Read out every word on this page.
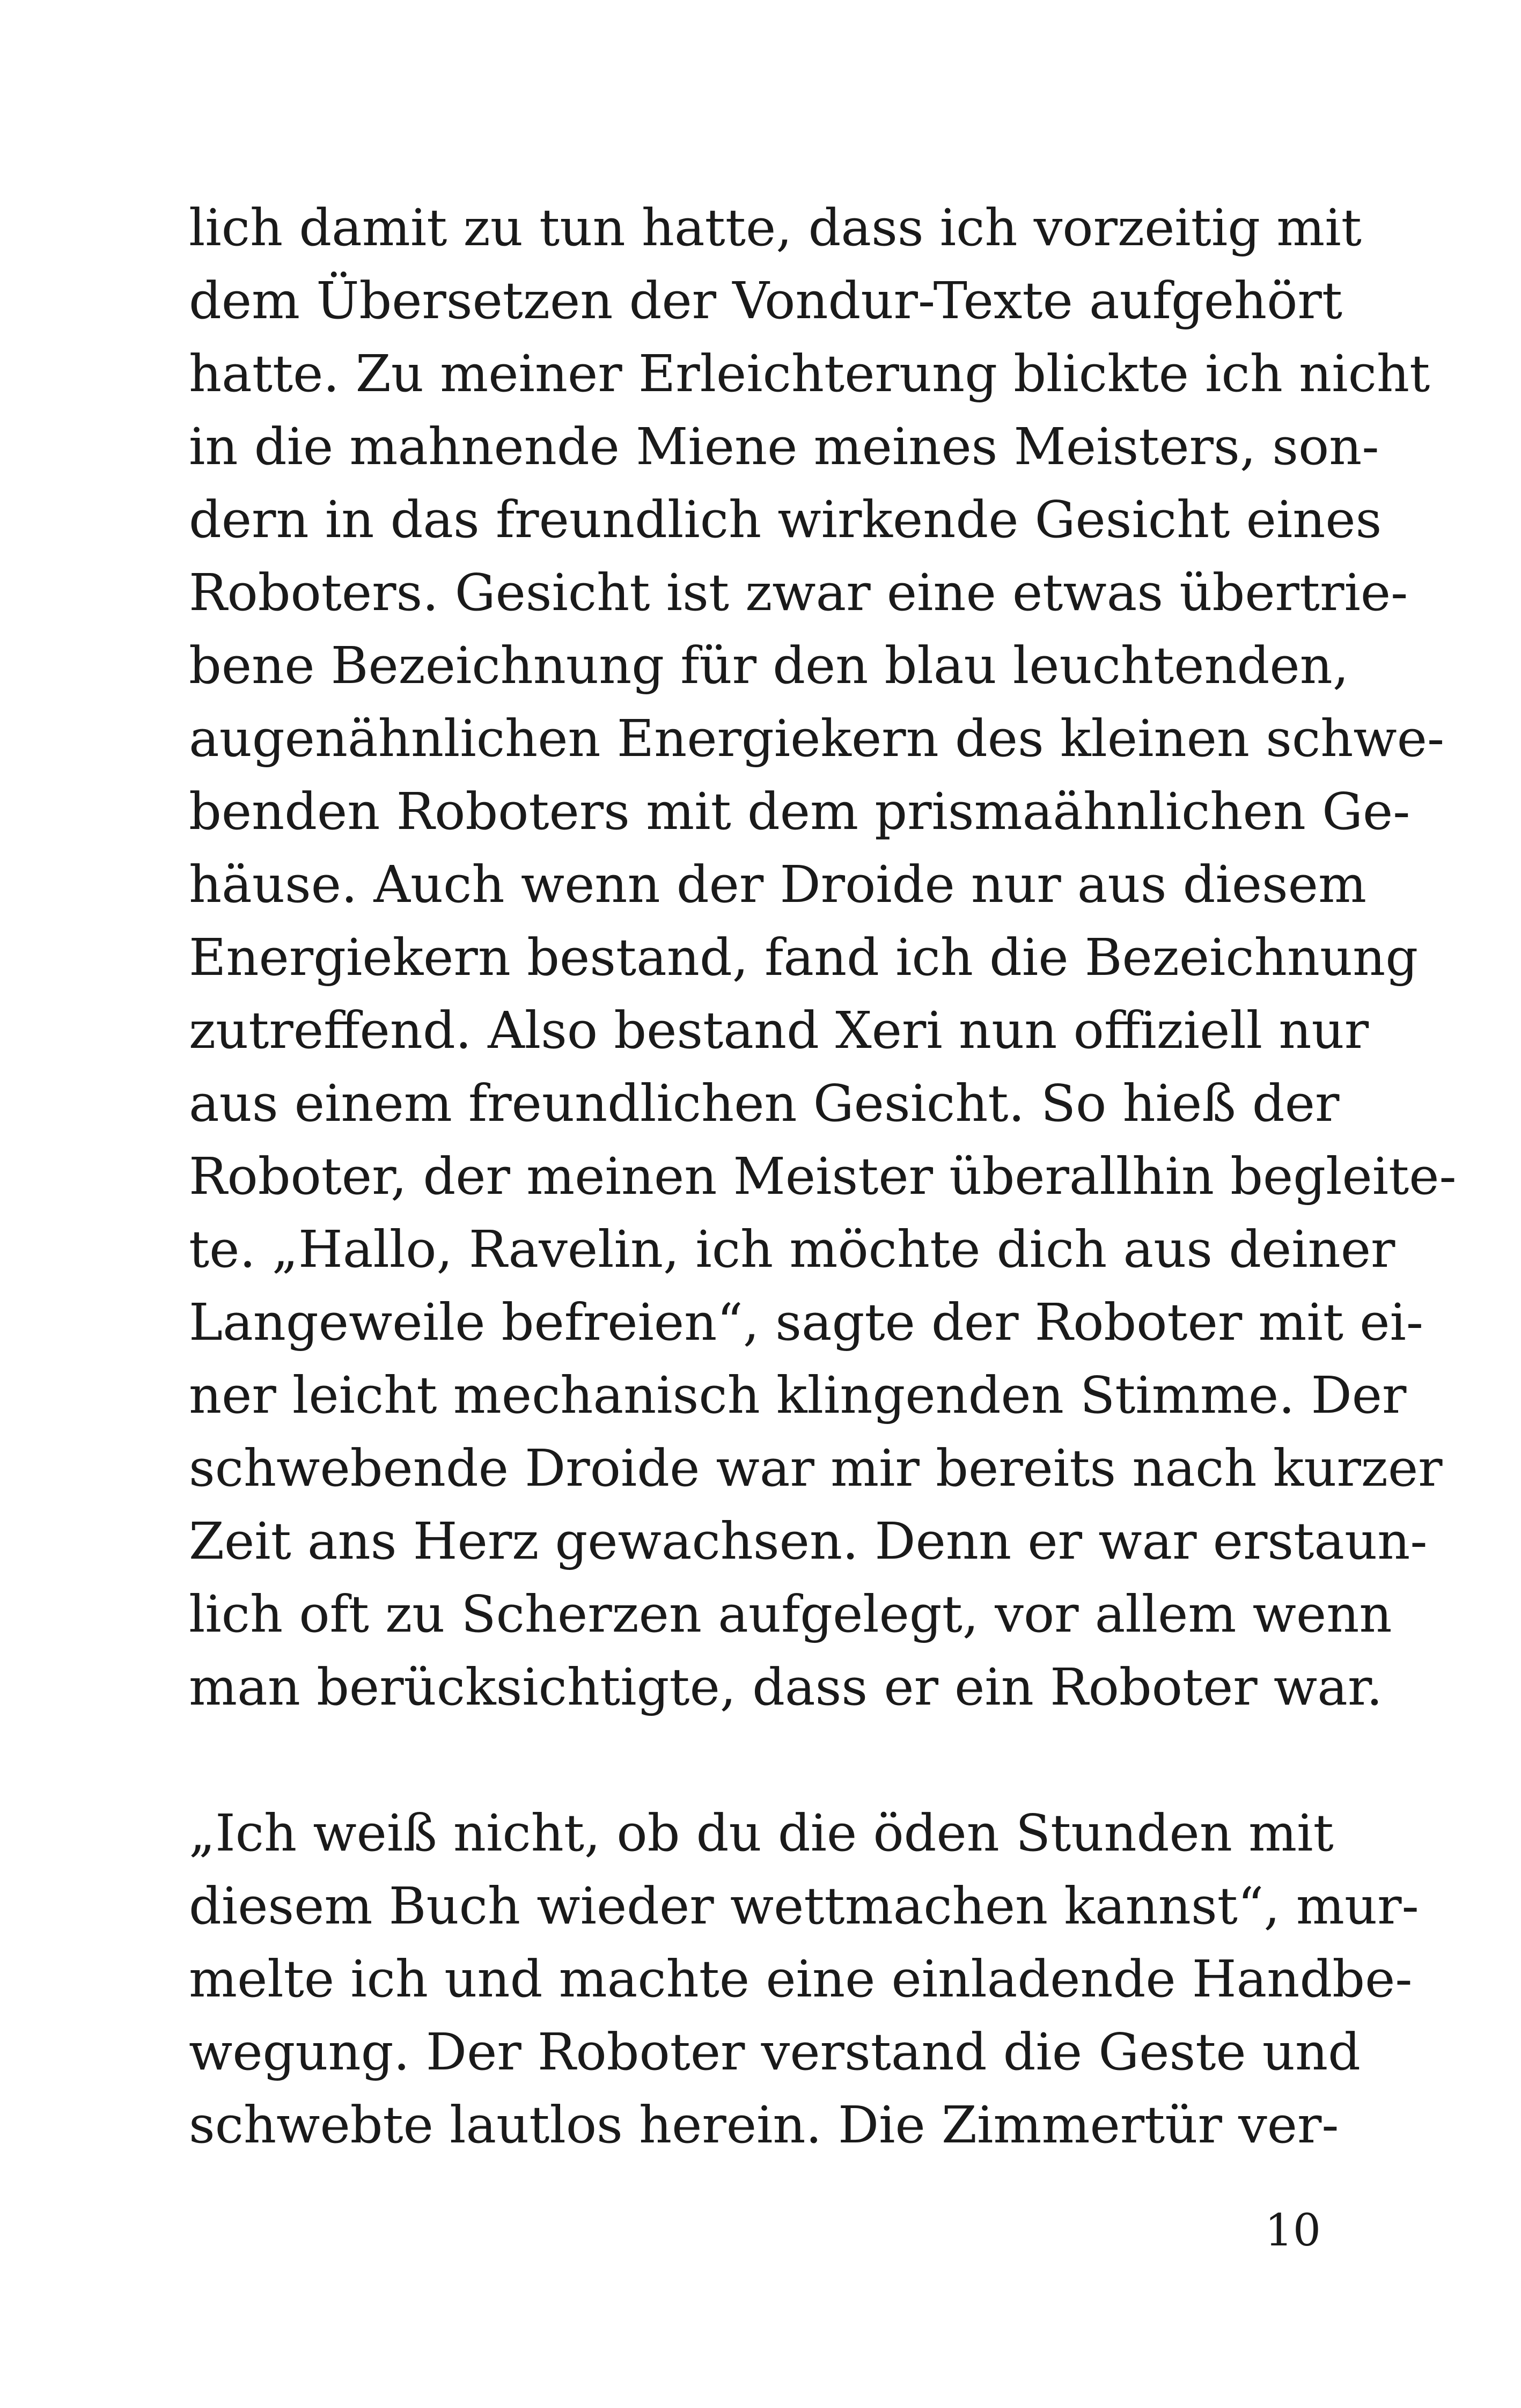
lich damit zu tun hatte, dass ich vorzeitig mit
dem Übersetzen der Vondur-Texte aufgehört
hatte. Zu meiner Erleichterung blickte ich nicht
in die mahnende Miene meines Meisters, son-
dern in das freundlich wirkende Gesicht eines
Roboters. Gesicht ist zwar eine etwas übertrie-
bene Bezeichnung für den blau leuchtenden,
augenähnlichen Energiekern des kleinen schwe-
benden Roboters mit dem prismaähnlichen Ge-
häuse. Auch wenn der Droide nur aus diesem
Energiekern bestand, fand ich die Bezeichnung
zutreffend. Also bestand Xeri nun offiziell nur
aus einem freundlichen Gesicht. So hieß der
Roboter, der meinen Meister überallhin begleite-
te. „Hallo, Ravelin, ich möchte dich aus deiner
Langeweile befreien“, sagte der Roboter mit ei-
ner leicht mechanisch klingenden Stimme. Der
schwebende Droide war mir bereits nach kurzer
Zeit ans Herz gewachsen. Denn er war erstaun-
lich oft zu Scherzen aufgelegt, vor allem wenn
man berücksichtigte, dass er ein Roboter war.
„Ich weiß nicht, ob du die öden Stunden mit
diesem Buch wieder wettmachen kannst“, mur-
melte ich und machte eine einladende Handbe-
wegung. Der Roboter verstand die Geste und
schwebte lautlos herein. Die Zimmertür ver-
10
